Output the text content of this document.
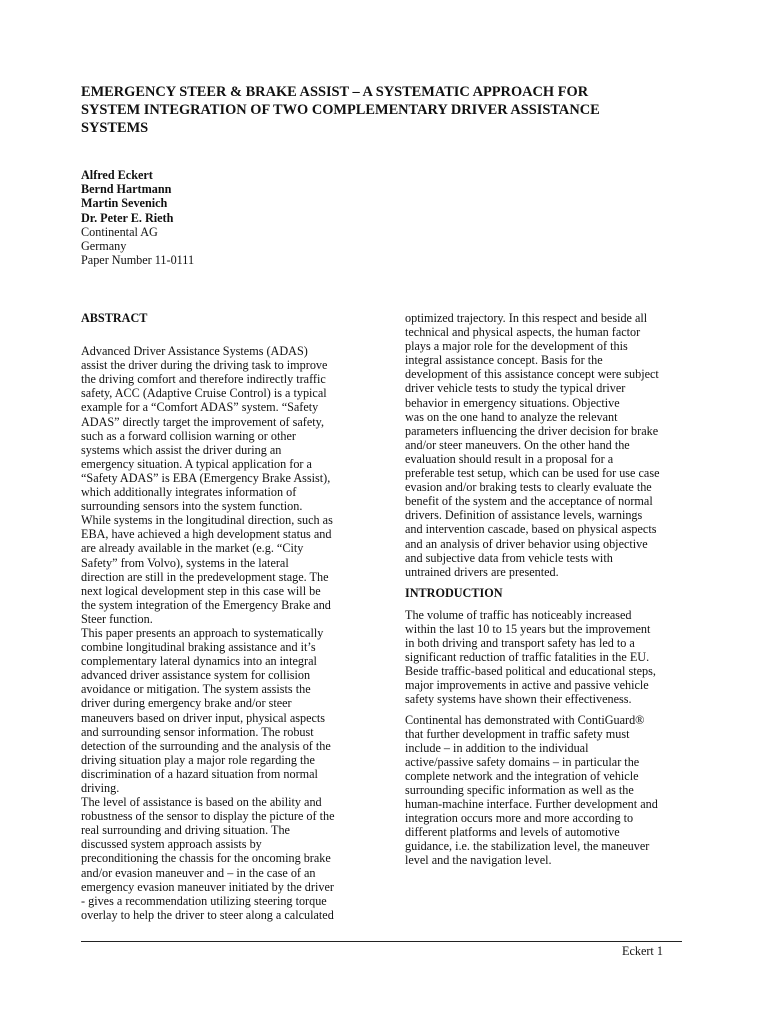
EMERGENCY STEER & BRAKE ASSIST – A SYSTEMATIC APPROACH FOR
SYSTEM INTEGRATION OF TWO COMPLEMENTARY DRIVER ASSISTANCE
SYSTEMS
Alfred Eckert
Bernd Hartmann
Martin Sevenich
Dr. Peter E. Rieth
Continental AG
Germany
Paper Number 11-0111
ABSTRACT
Advanced Driver Assistance Systems (ADAS)
assist the driver during the driving task to improve
the driving comfort and therefore indirectly traffic
safety, ACC (Adaptive Cruise Control) is a typical
example for a “Comfort ADAS” system. “Safety
ADAS” directly target the improvement of safety,
such as a forward collision warning or other
systems which assist the driver during an
emergency situation. A typical application for a
“Safety ADAS” is EBA (Emergency Brake Assist),
which additionally integrates information of
surrounding sensors into the system function.
While systems in the longitudinal direction, such as
EBA, have achieved a high development status and
are already available in the market (e.g. “City
Safety” from Volvo), systems in the lateral
direction are still in the predevelopment stage. The
next logical development step in this case will be
the system integration of the Emergency Brake and
Steer function.
This paper presents an approach to systematically
combine longitudinal braking assistance and it’s
complementary lateral dynamics into an integral
advanced driver assistance system for collision
avoidance or mitigation. The system assists the
driver during emergency brake and/or steer
maneuvers based on driver input, physical aspects
and surrounding sensor information. The robust
detection of the surrounding and the analysis of the
driving situation play a major role regarding the
discrimination of a hazard situation from normal
driving.
The level of assistance is based on the ability and
robustness of the sensor to display the picture of the
real surrounding and driving situation. The
discussed system approach assists by
preconditioning the chassis for the oncoming brake
and/or evasion maneuver and – in the case of an
emergency evasion maneuver initiated by the driver
- gives a recommendation utilizing steering torque
overlay to help the driver to steer along a calculated
optimized trajectory. In this respect and beside all
technical and physical aspects, the human factor
plays a major role for the development of this
integral assistance concept. Basis for the
development of this assistance concept were subject
driver vehicle tests to study the typical driver
behavior in emergency situations. Objective
was on the one hand to analyze the relevant
parameters influencing the driver decision for brake
and/or steer maneuvers. On the other hand the
evaluation should result in a proposal for a
preferable test setup, which can be used for use case
evasion and/or braking tests to clearly evaluate the
benefit of the system and the acceptance of normal
drivers. Definition of assistance levels, warnings
and intervention cascade, based on physical aspects
and an analysis of driver behavior using objective
and subjective data from vehicle tests with
untrained drivers are presented.
INTRODUCTION
The volume of traffic has noticeably increased
within the last 10 to 15 years but the improvement
in both driving and transport safety has led to a
significant reduction of traffic fatalities in the EU.
Beside traffic-based political and educational steps,
major improvements in active and passive vehicle
safety systems have shown their effectiveness.
Continental has demonstrated with ContiGuard®
that further development in traffic safety must
include – in addition to the individual
active/passive safety domains – in particular the
complete network and the integration of vehicle
surrounding specific information as well as the
human-machine interface. Further development and
integration occurs more and more according to
different platforms and levels of automotive
guidance, i.e. the stabilization level, the maneuver
level and the navigation level.
Eckert 1
